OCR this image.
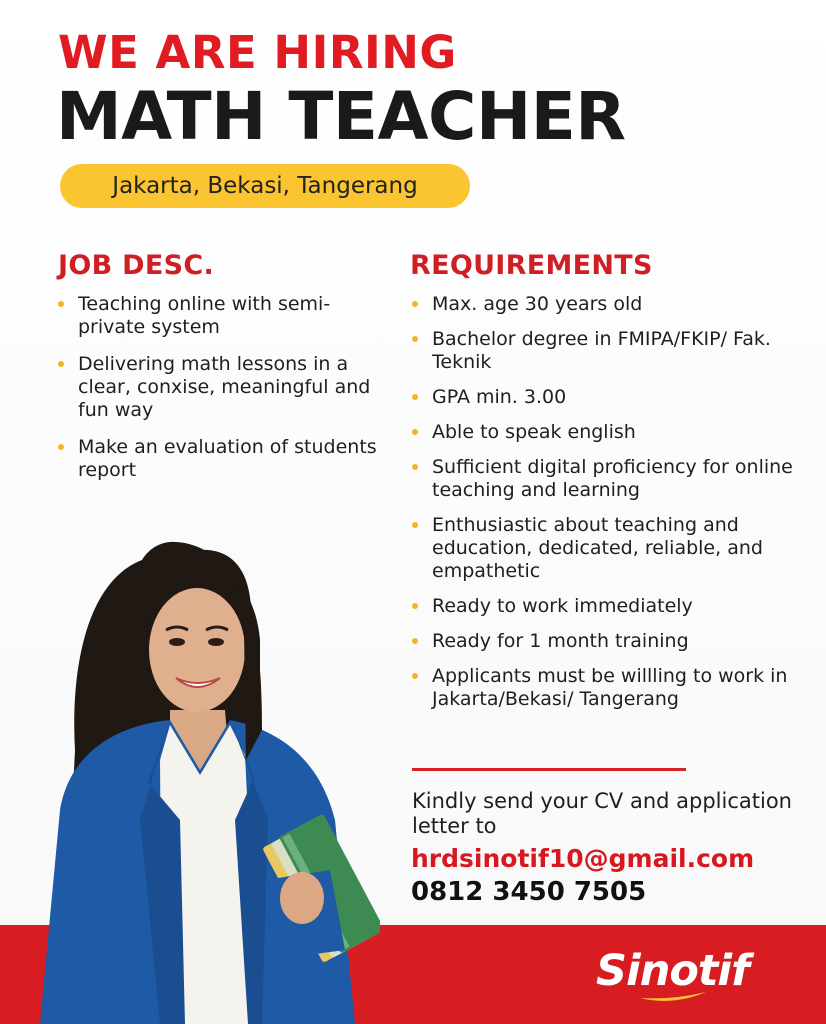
WE ARE HIRING
MATH TEACHER
Jakarta, Bekasi, Tangerang
JOB DESC.
Teaching online with semi-private system
Delivering math lessons in a clear, conxise, meaningful and fun way
Make an evaluation of students report
REQUIREMENTS
Max. age 30 years old
Bachelor degree in FMIPA/FKIP/ Fak. Teknik
GPA min. 3.00
Able to speak english
Sufficient digital proficiency for online teaching and learning
Enthusiastic about teaching and education, dedicated, reliable, and empathetic
Ready to work immediately
Ready for 1 month training
Applicants must be willling to work in Jakarta/Bekasi/ Tangerang
Kindly send your CV and application letter to
hrdsinotif10@gmail.com
0812 3450 7505
Sinotif
